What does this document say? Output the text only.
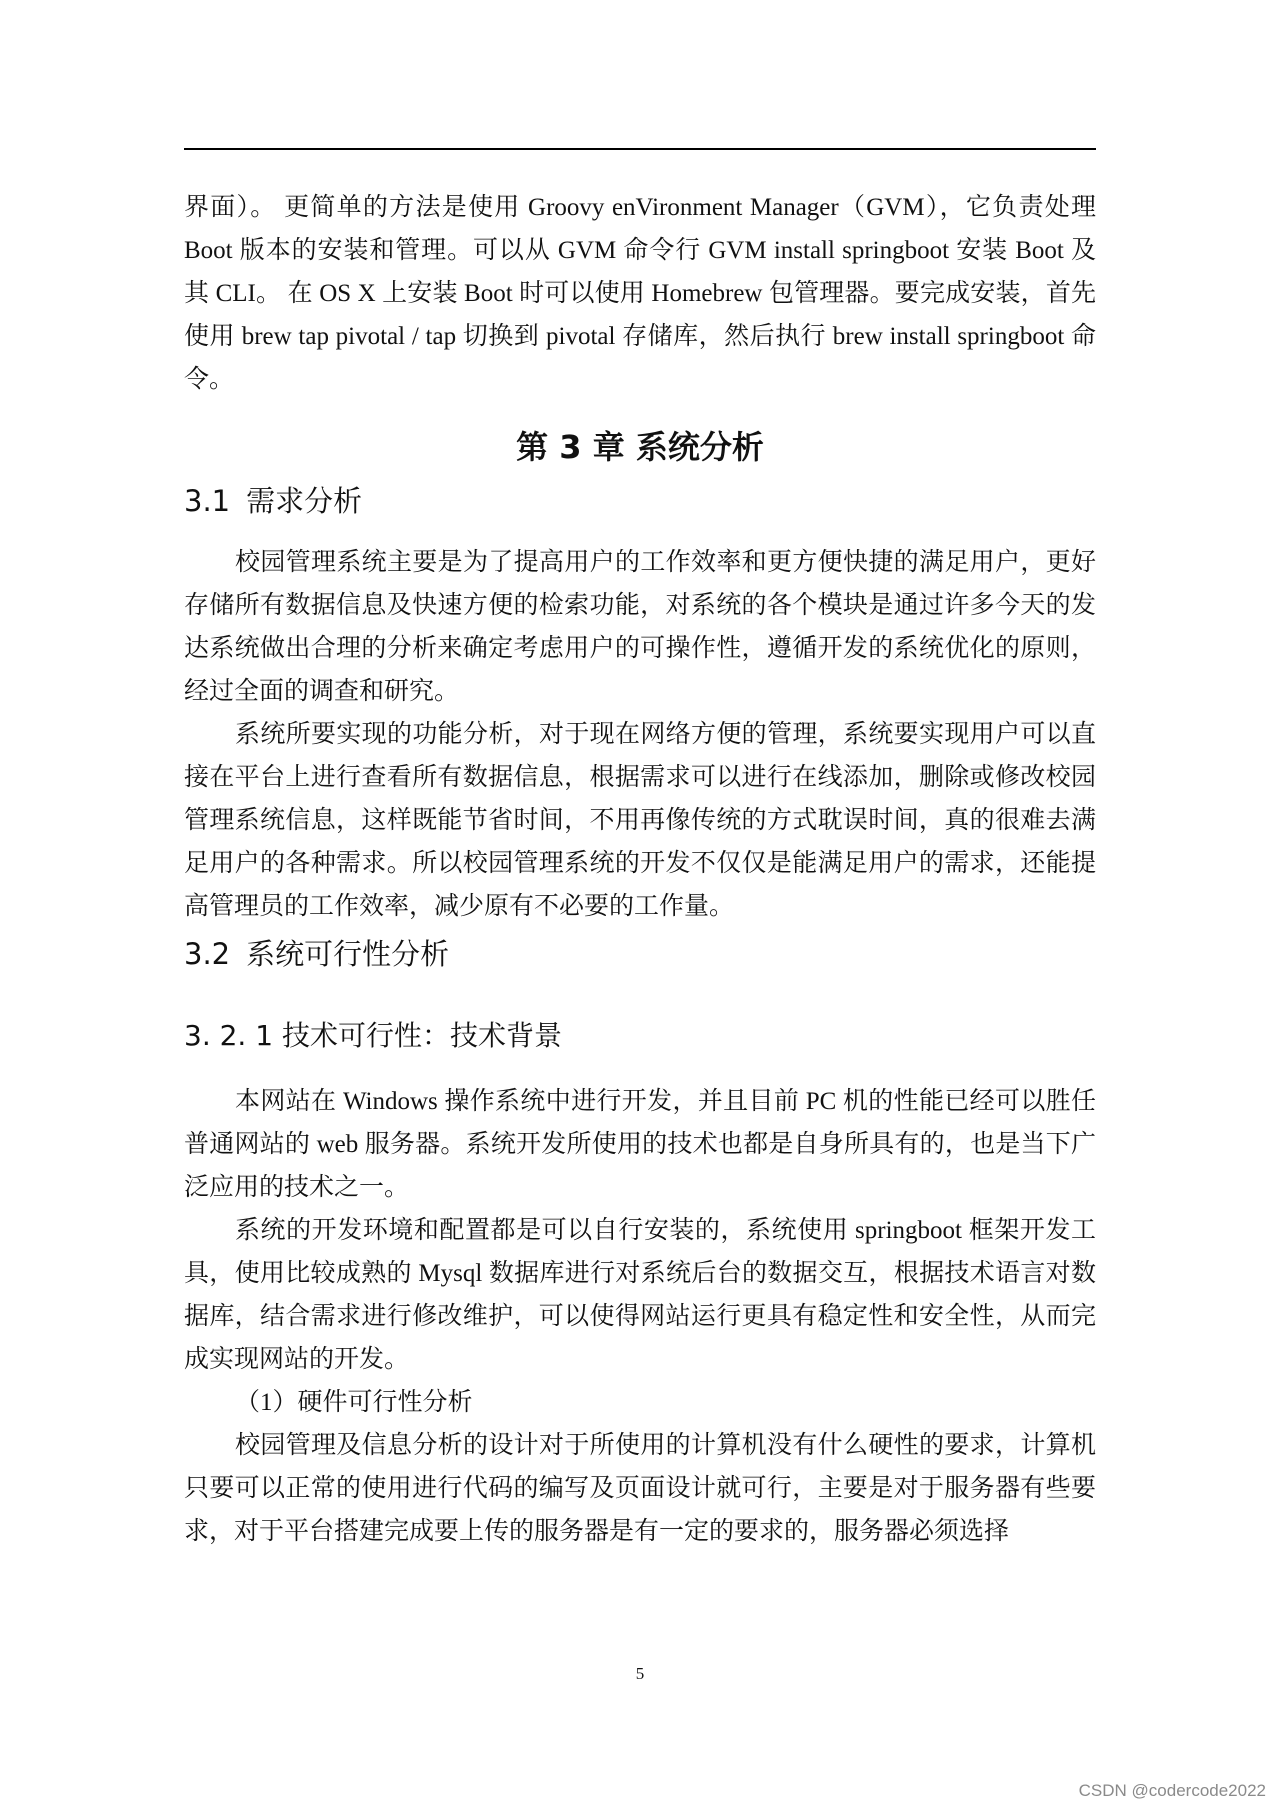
界面）。 更简单的方法是使用 Groovy enVironment Manager（GVM），它负责处理 Boot 版本的安装和管理。可以从 GVM 命令行 GVM install springboot 安装 Boot 及其 CLI。 在 OS X 上安装 Boot 时可以使用 Homebrew 包管理器。要完成安装，首先使用 brew tap pivotal / tap 切换到 pivotal 存储库，然后执行 brew install springboot 命令。

第 3 章 系统分析
3.1 需求分析

校园管理系统主要是为了提高用户的工作效率和更方便快捷的满足用户，更好存储所有数据信息及快速方便的检索功能，对系统的各个模块是通过许多今天的发达系统做出合理的分析来确定考虑用户的可操作性，遵循开发的系统优化的原则，经过全面的调查和研究。

系统所要实现的功能分析，对于现在网络方便的管理，系统要实现用户可以直接在平台上进行查看所有数据信息，根据需求可以进行在线添加，删除或修改校园管理系统信息，这样既能节省时间，不用再像传统的方式耽误时间，真的很难去满足用户的各种需求。所以校园管理系统的开发不仅仅是能满足用户的需求，还能提高管理员的工作效率，减少原有不必要的工作量。

3.2 系统可行性分析
3. 2. 1 技术可行性：技术背景

本网站在 Windows 操作系统中进行开发，并且目前 PC 机的性能已经可以胜任普通网站的 web 服务器。系统开发所使用的技术也都是自身所具有的，也是当下广泛应用的技术之一。

系统的开发环境和配置都是可以自行安装的，系统使用 springboot 框架开发工具，使用比较成熟的 Mysql 数据库进行对系统后台的数据交互，根据技术语言对数据库，结合需求进行修改维护，可以使得网站运行更具有稳定性和安全性，从而完成实现网站的开发。

（1）硬件可行性分析

校园管理及信息分析的设计对于所使用的计算机没有什么硬性的要求，计算机只要可以正常的使用进行代码的编写及页面设计就可行，主要是对于服务器有些要求，对于平台搭建完成要上传的服务器是有一定的要求的，服务器必须选择

5
CSDN @codercode2022
